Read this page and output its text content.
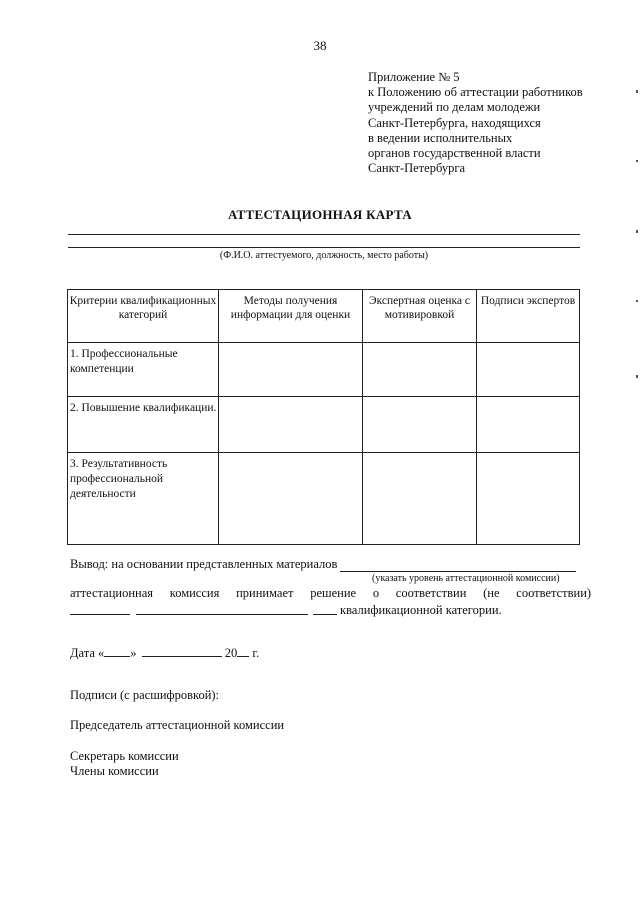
38
Приложение № 5
к Положению об аттестации работников
учреждений по делам молодежи
Санкт-Петербурга, находящихся
в ведении исполнительных
органов государственной власти
Санкт-Петербурга
АТТЕСТАЦИОННАЯ КАРТА
(Ф.И.О. аттестуемого, должность, место работы)
Критерии квалификационных категорий	Методы получения информации для оценки	Экспертная оценка с мотивировкой	Подписи экспертов
1. Профессиональные компетенции			
2. Повышение квалификации.			
3. Результативность профессиональной деятельности			
Вывод: на основании представленных материалов
(указать уровень аттестационной комиссии)
аттестационная комиссия принимает решение о соответствии (не соответствии)
квалификационной категории.
Дата « »	20 г.
Подписи (с расшифровкой):
Председатель аттестационной комиссии
Секретарь комиссии
Члены комиссии
